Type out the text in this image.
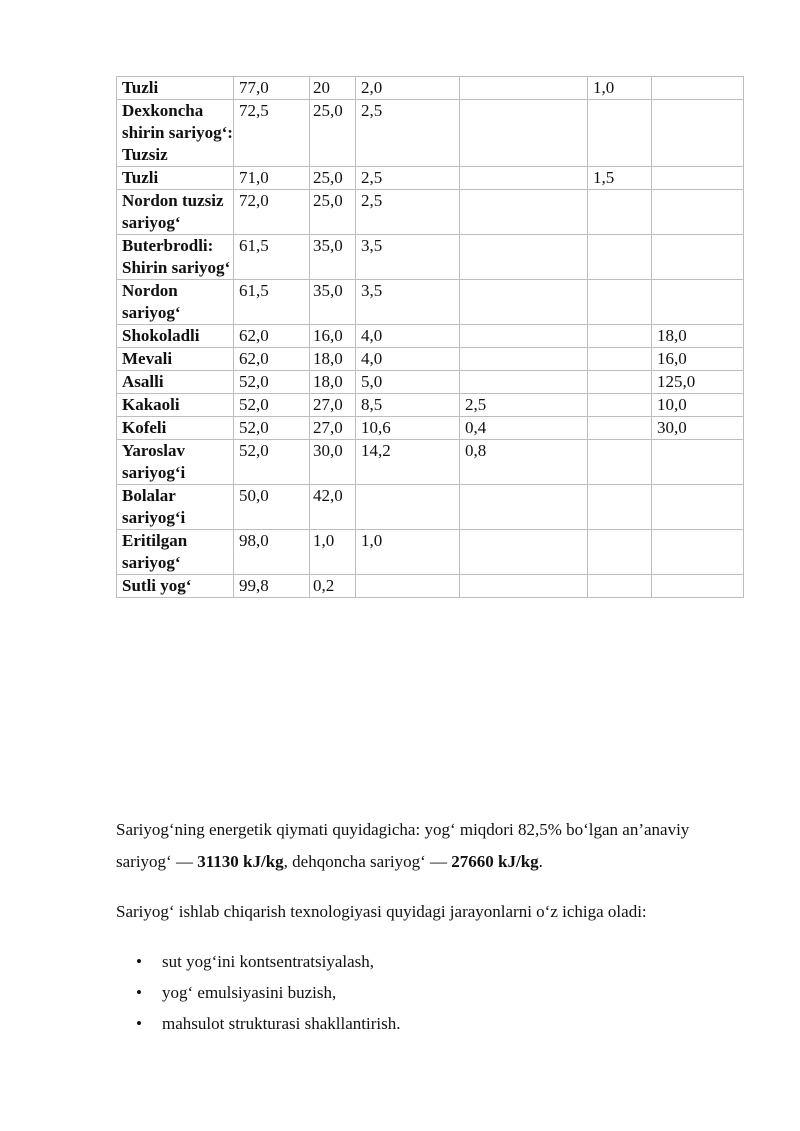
Tuzli	77,0	20	2,0		1,0	
Dexkoncha shirin sariyog‘: Tuzsiz	72,5	25,0	2,5			
Tuzli	71,0	25,0	2,5		1,5	
Nordon tuzsiz sariyog‘	72,0	25,0	2,5			
Buterbrodli: Shirin sariyog‘	61,5	35,0	3,5			
Nordon sariyog‘	61,5	35,0	3,5			
Shokoladli	62,0	16,0	4,0			18,0
Mevali	62,0	18,0	4,0			16,0
Asalli	52,0	18,0	5,0			125,0
Kakaoli	52,0	27,0	8,5	2,5		10,0
Kofeli	52,0	27,0	10,6	0,4		30,0
Yaroslav sariyog‘i	52,0	30,0	14,2	0,8		
Bolalar sariyog‘i	50,0	42,0				
Eritilgan sariyog‘	98,0	1,0	1,0			
Sutli yog‘	99,8	0,2				

Sariyog‘ning energetik qiymati quyidagicha: yog‘ miqdori 82,5% bo‘lgan an’anaviy sariyog‘ — 31130 kJ/kg, dehqoncha sariyog‘ — 27660 kJ/kg.

Sariyog‘ ishlab chiqarish texnologiyasi quyidagi jarayonlarni o‘z ichiga oladi:

• sut yog‘ini kontsentratsiyalash,
• yog‘ emulsiyasini buzish,
• mahsulot strukturasi shakllantirish.
